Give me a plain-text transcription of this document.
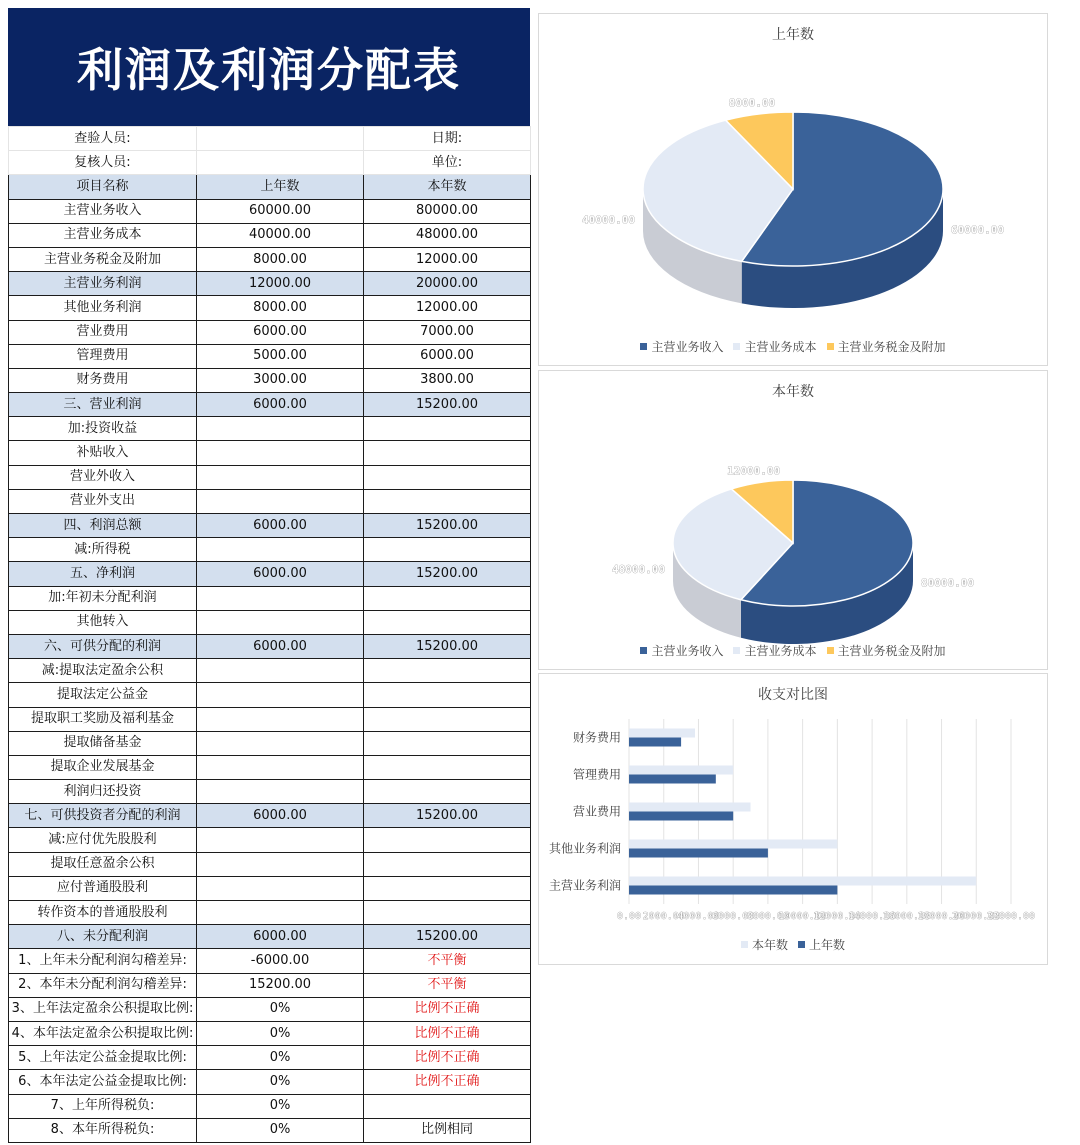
利润及利润分配表
查验人员:		日期:
复核人员:		单位:
项目名称	上年数	本年数
主营业务收入	60000.00	80000.00
主营业务成本	40000.00	48000.00
主营业务税金及附加	8000.00	12000.00
主营业务利润	12000.00	20000.00
其他业务利润	8000.00	12000.00
营业费用	6000.00	7000.00
管理费用	5000.00	6000.00
财务费用	3000.00	3800.00
三、营业利润	6000.00	15200.00
加:投资收益		
补贴收入		
营业外收入		
营业外支出		
四、利润总额	6000.00	15200.00
减:所得税		
五、净利润	6000.00	15200.00
加:年初未分配利润		
其他转入		
六、可供分配的利润	6000.00	15200.00
减:提取法定盈余公积		
提取法定公益金		
提取职工奖励及福利基金		
提取储备基金		
提取企业发展基金		
利润归还投资		
七、可供投资者分配的利润	6000.00	15200.00
减:应付优先股股利		
提取任意盈余公积		
应付普通股股利		
转作资本的普通股股利		
八、未分配利润	6000.00	15200.00
1、上年未分配利润勾稽差异:	-6000.00	不平衡
2、本年未分配利润勾稽差异:	15200.00	不平衡
3、上年法定盈余公积提取比例:	0%	比例不正确
4、本年法定盈余公积提取比例:	0%	比例不正确
5、上年法定公益金提取比例:	0%	比例不正确
6、本年法定公益金提取比例:	0%	比例不正确
7、上年所得税负:	0%	
8、本年所得税负:	0%	比例相同
上年数
60000.00
40000.00
8000.00
主营业务收入 主营业务成本 主营业务税金及附加
本年数
80000.00
48000.00
12000.00
主营业务收入 主营业务成本 主营业务税金及附加
收支对比图
0.00 2000.00
4000.00
6000.00
8000.00
10000.00
12000.00
14000.00
16000.00
18000.00
20000.00
22000.00
主营业务利润
其他业务利润
营业费用
管理费用
财务费用
本年数 上年数
